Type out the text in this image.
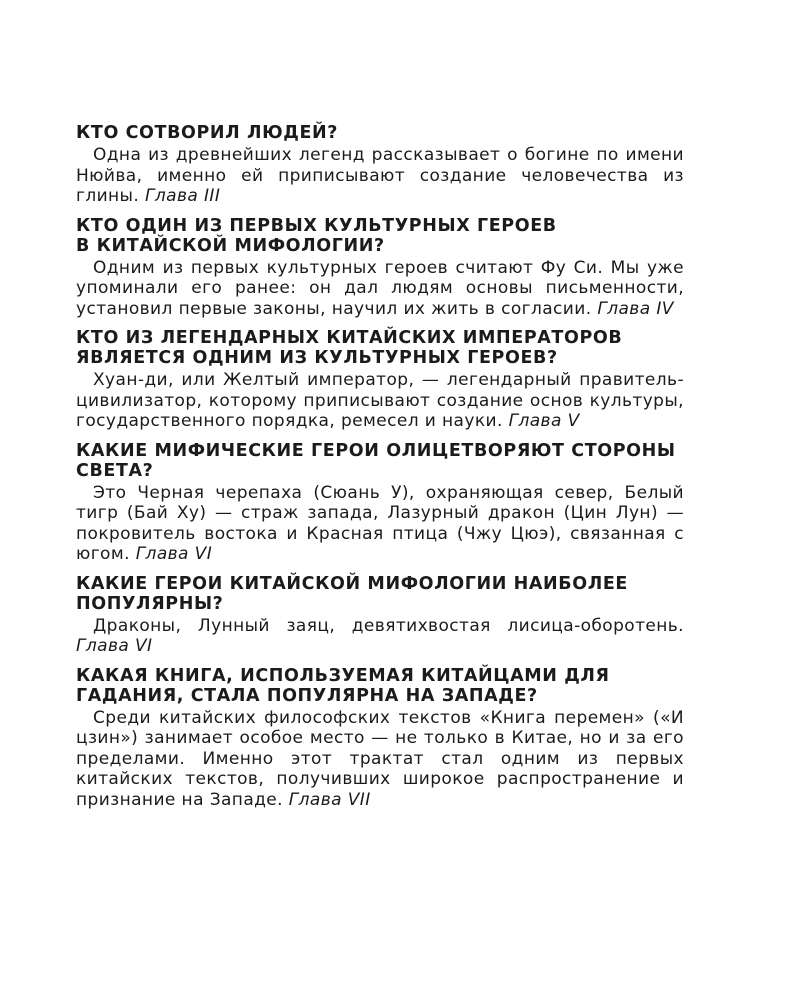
КТО СОТВОРИЛ ЛЮДЕЙ?

Одна из древнейших легенд рассказывает о богине по имени Нюйва, именно ей приписывают создание человечества из глины. Глава III

КТО ОДИН ИЗ ПЕРВЫХ КУЛЬТУРНЫХ ГЕРОЕВ
В КИТАЙСКОЙ МИФОЛОГИИ?

Одним из первых культурных героев считают Фу Си. Мы уже упоминали его ранее: он дал людям основы письменности, установил первые законы, научил их жить в согласии. Глава IV

КТО ИЗ ЛЕГЕНДАРНЫХ КИТАЙСКИХ ИМПЕРАТОРОВ
ЯВЛЯЕТСЯ ОДНИМ ИЗ КУЛЬТУРНЫХ ГЕРОЕВ?

Хуан-ди, или Желтый император, — легендарный правитель-цивилизатор, которому приписывают создание основ культуры, государственного порядка, ремесел и науки. Глава V

КАКИЕ МИФИЧЕСКИЕ ГЕРОИ ОЛИЦЕТВОРЯЮТ СТОРОНЫ
СВЕТА?

Это Черная черепаха (Сюань У), охраняющая север, Белый тигр (Бай Ху) — страж запада, Лазурный дракон (Цин Лун) — покровитель востока и Красная птица (Чжу Цюэ), связанная с югом. Глава VI

КАКИЕ ГЕРОИ КИТАЙСКОЙ МИФОЛОГИИ НАИБОЛЕЕ
ПОПУЛЯРНЫ?

Драконы, Лунный заяц, девятихвостая лисица-оборотень. Глава VI

КАКАЯ КНИГА, ИСПОЛЬЗУЕМАЯ КИТАЙЦАМИ ДЛЯ
ГАДАНИЯ, СТАЛА ПОПУЛЯРНА НА ЗАПАДЕ?

Среди китайских философских текстов «Книга перемен» («И цзин») занимает особое место — не только в Китае, но и за его пределами. Именно этот трактат стал одним из первых китайских текстов, получивших широкое распространение и признание на Западе. Глава VII
